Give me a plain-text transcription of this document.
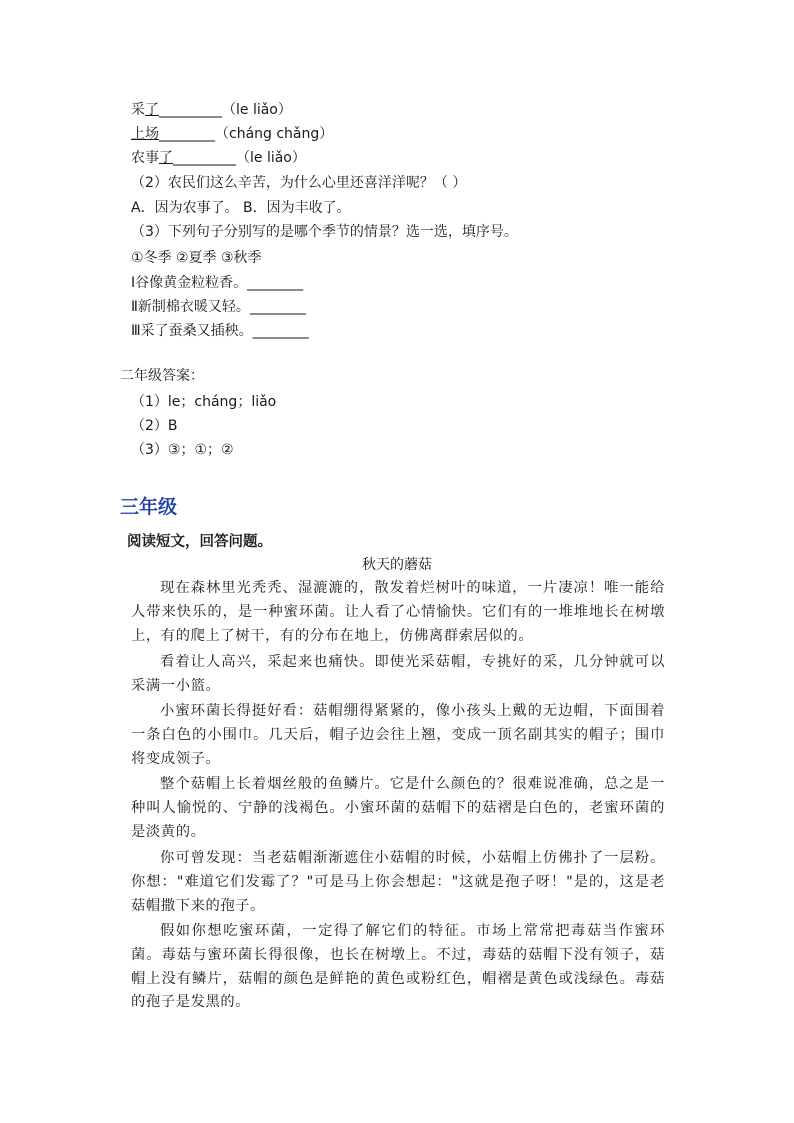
采了_________（le liǎo）
上场________（cháng chǎng）
农事了_________（le liǎo）
（2）农民们这么辛苦，为什么心里还喜洋洋呢？（ ）
A．因为农事了。 B．因为丰收了。
（3）下列句子分别写的是哪个季节的情景？选一选，填序号。
①冬季 ②夏季 ③秋季
Ⅰ谷像黄金粒粒香。________
Ⅱ新制棉衣暖又轻。________
Ⅲ采了蚕桑又插秧。________
二年级答案：
（1）le；cháng；liǎo
（2）B
（3）③；①；②
三年级
阅读短文，回答问题。
秋天的蘑菇

现在森林里光秃秃、湿漉漉的，散发着烂树叶的味道，一片凄凉！唯一能给人带来快乐的，是一种蜜环菌。让人看了心情愉快。它们有的一堆堆地长在树墩上，有的爬上了树干，有的分布在地上，仿佛离群索居似的。

看着让人高兴，采起来也痛快。即使光采菇帽，专挑好的采，几分钟就可以采满一小篮。

小蜜环菌长得挺好看：菇帽绷得紧紧的，像小孩头上戴的无边帽，下面围着一条白色的小围巾。几天后，帽子边会往上翘，变成一顶名副其实的帽子；围巾将变成领子。

整个菇帽上长着烟丝般的鱼鳞片。它是什么颜色的？很难说准确，总之是一种叫人愉悦的、宁静的浅褐色。小蜜环菌的菇帽下的菇褶是白色的，老蜜环菌的是淡黄的。

你可曾发现：当老菇帽渐渐遮住小菇帽的时候，小菇帽上仿佛扑了一层粉。你想："难道它们发霉了？"可是马上你会想起："这就是孢子呀！"是的，这是老菇帽撒下来的孢子。

假如你想吃蜜环菌，一定得了解它们的特征。市场上常常把毒菇当作蜜环菌。毒菇与蜜环菌长得很像，也长在树墩上。不过，毒菇的菇帽下没有领子，菇帽上没有鳞片，菇帽的颜色是鲜艳的黄色或粉红色，帽褶是黄色或浅绿色。毒菇的孢子是发黑的。
